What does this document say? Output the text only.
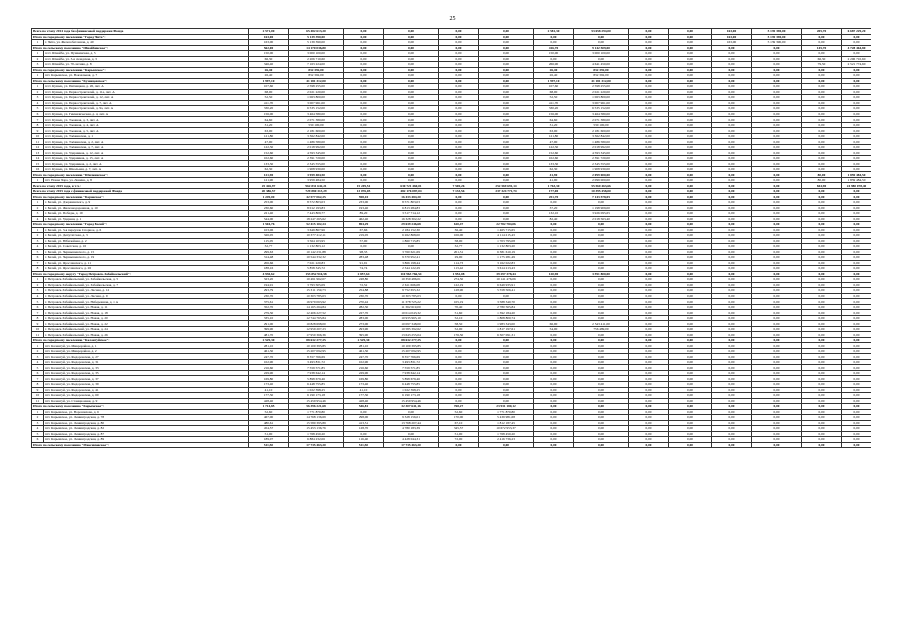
25
Всего по этапу 2014 года без финансовой поддержки Фонда		2 571,00	65 482 613,20	0,00	0,00	0,00	0,00	2 581,30	53 658 294,00	0,00	0,00	163,00	5 139 390,00	205,70	6 687 229,20
Итого по городскому поселению "Город Чита":		163,00	5 139 390,00	0,00	0,00	0,00	0,00	0,00	0,00	0,00	0,00	163,00	5 139 390,00	0,00	0,00
1	г. Чита, ул. Железобетонная, д. 40	163,00	5 139 390,00	0,00	0,00	0,00	0,00	0,00	0,00	0,00	0,00	163,00	5 139 390,00	0,00	0,00
Итого по сельскому поселению "Шнайбинское":		562,00	14 170 036,80	0,00	0,00	0,00	0,00	416,70	9 142 509,00	0,00	0,00	0,00	0,00	145,70	4 728 464,80
1	п/ст. Шнайба, ул. Пушкинская, д. 5	150,00	3 000 100,00	0,00	0,00	0,00	0,00	150,00	3 000 100,00	0,00	0,00	0,00	0,00	0,00	0,00
2	п/ст. Шнайба, ул. 3-я складская, д. 3	66,30	2 206 710,60	0,00	0,00	0,00	0,00	0,00	0,00	0,00	0,00	0,00	0,00	66,30	2 206 710,60
3	п/ст. Шнайба, ул. 70-летняя, д. 8	346,40	7 163 224,00	0,00	0,00	0,00	0,00	266,90	4 641 450,00	0,00	0,00	0,00	0,00	79,50	2 521 774,60
Итого по городскому поселению "Карымское":		26,40	832 392,00	0,00	0,00	0,00	0,00	26,40	832 392,00	0,00	0,00	0,00	0,00	0,00	0,00
1	пгт. Карымское, ул. Вокзальная, д. 7	26,40	832 392,00	0,00	0,00	0,00	0,00	26,40	832 392,00	0,00	0,00	0,00	0,00	0,00	0,00
Итого по сельскому поселению "Кузнецовское":		1 997,10	41 181 312,00	0,00	0,00	0,00	0,00	1 997,10	41 181 312,00	0,00	0,00	0,00	0,00	0,00	0,00
1	п/ст. Кузнец, ул. Пятницкая, д. 26, лит. А	107,60	2 598 255,00	0,00	0,00	0,00	0,00	107,60	2 598 255,00	0,00	0,00	0,00	0,00	0,00	0,00
2	п/ст. Кузнец, ул. Первостроителей, д. 11а, лит. А	68,00	2 021 220,00	0,00	0,00	0,00	0,00	68,00	2 021 220,00	0,00	0,00	0,00	0,00	0,00	0,00
3	п/ст. Кузнец, ул. Первостроителей, д. 12, лит. А	52,50	1 063 800,00	0,00	0,00	0,00	0,00	52,50	1 063 800,00	0,00	0,00	0,00	0,00	0,00	0,00
4	п/ст. Кузнец, ул. Первостроителей, д. 7, лит. А	411,70	3 007 961,00	0,00	0,00	0,00	0,00	411,70	3 007 961,00	0,00	0,00	0,00	0,00	0,00	0,00
5	п/ст. Кузнец, ул. Первостроителей, д. 9а, лит. А	330,20	6 535 152,00	0,00	0,00	0,00	0,00	330,20	6 535 152,00	0,00	0,00	0,00	0,00	0,00	0,00
6	п/ст. Кузнец, ул. Гимназическая, д. 4, лит. А	156,00	3 464 580,00	0,00	0,00	0,00	0,00	156,00	3 464 580,00	0,00	0,00	0,00	0,00	0,00	0,00
7	п/ст. Кузнец, ул. Таежная, д. 3, лит. А	64,60	2 071 380,00	0,00	0,00	0,00	0,00	64,60	2 071 380,00	0,00	0,00	0,00	0,00	0,00	0,00
8	п/ст. Кузнец, ул. Таежная, д. 4, лит. А	31,20	530 100,00	0,00	0,00	0,00	0,00	31,20	530 100,00	0,00	0,00	0,00	0,00	0,00	0,00
9	п/ст. Кузнец, ул. Таежная, д. 5, лит. А	63,00	2 181 600,00	0,00	0,00	0,00	0,00	63,00	2 181 600,00	0,00	0,00	0,00	0,00	0,00	0,00
10	п/ст. Кузнец, ул. Таёжинская, д. 1	121,80	3 362 842,00	0,00	0,00	0,00	0,00	121,80	3 362 842,00	0,00	0,00	0,00	0,00	0,00	0,00
11	п/ст. Кузнец, ул. Таёжинская, д. 2, лит. А	47,90	1 486 580,00	0,00	0,00	0,00	0,00	47,90	1 486 580,00	0,00	0,00	0,00	0,00	0,00	0,00
12	п/ст. Кузнец, ул. Таёжинская, д. 7, лит. А	122,30	2 018 992,00	0,00	0,00	0,00	0,00	122,30	2 018 992,00	0,00	0,00	0,00	0,00	0,00	0,00
13	п/ст. Кузнец, ул. Ударников, д. 12, лит. А	152,60	4 593 345,00	0,00	0,00	0,00	0,00	152,60	4 593 345,00	0,00	0,00	0,00	0,00	0,00	0,00
14	п/ст. Кузнец, ул. Ударников, д. 15, лит. А	102,60	2 391 720,00	0,00	0,00	0,00	0,00	102,60	2 391 720,00	0,00	0,00	0,00	0,00	0,00	0,00
15	п/ст. Кузнец, ул. Ударников, д. 2, лит. А	133,30	2 345 555,00	0,00	0,00	0,00	0,00	133,30	2 345 555,00	0,00	0,00	0,00	0,00	0,00	0,00
16	п/ст. Кузнец, ул. Школьная, д. 7, лит. А	62,30	1 908 930,00	0,00	0,00	0,00	0,00	62,30	1 908 930,00	0,00	0,00	0,00	0,00	0,00	0,00
Итого по городскому поселению "Шилкинское":		121,90	3 959 484,50	0,00	0,00	0,00	0,00	41,90	2 099 000,00	0,00	0,00	0,00	0,00	80,00	1 859 484,50
1	пгт. Новая Чара, ул. Ленина, д. 8	121,90	3 959 484,50	0,00	0,00	0,00	0,00	41,90	2 099 000,00	0,00	0,00	0,00	0,00	80,00	1 859 484,50
Всего по этапу 2015 года, в т.ч.:		25 426,97	962 831 642,21	15 249,51	630 721 460,01	7 569,26	252 569 691,14	1 763,30	55 560 463,66	0,00	0,00	0,00	0,00	844,90	24 980 078,40
Всего по этапу 2015 года с финансовой поддержкой Фонда		20 386,57	729 880 313,29	13 076,05	482 176 087,04	7 133,56	237 324 771,74	177,00	10 395 458,00	0,00	0,00	0,00	0,00	0,00	0,00
Итого по городскому поселению "Баранское":		1 249,00	42 577 062,25	598,10	16 433 484,20	0,00	0,00	251,70	7 143 578,05	0,00	0,00	0,00	0,00	0,00	0,00
1	г. Балей, ул. Дзержинского, д. 9	253,00	8 572 803,03	233,00	8 571 803,03	0,00	0,00	0,00	0,00	0,00	0,00	0,00	0,00	0,00	0,00
2	г. Балей, ул. Железнодорожная, д. 10	230,60	8 012 193,83	193,40	6 813 284,83	0,00	0,00	37,20	1 198 909,00	0,00	0,00	0,00	0,00	0,00	0,00
3	г. Балей, ул. Победы, д. 19	221,40	7 443 809,77	89,20	3 517 714,12	0,00	0,00	132,10	3 926 095,65	0,00	0,00	0,00	0,00	0,00	0,00
4	г. Балей, ул. Ударная, д. 1	544,00	18 247 265,62	462,40	16 328 302,22	0,00	0,00	82,40	2 018 563,40	0,00	0,00	0,00	0,00	0,00	0,00
Итого по городскому поселению "Город Балей":		1 504,76	52 415 102,24	894,29	29 639 246,68	610,47	22 782 784,06	0,00	0,00	0,00	0,00	0,00	0,00	0,00	0,00
1	г. Балей, ул. 3-я переулок Спорное, д. 6	103,06	3 649 867,96	67,66	2 184 152,30	36,40	1 465 715,65	0,00	0,00	0,00	0,00	0,00	0,00	0,00	0,00
2	г. Балей, ул. Депутатская, д. 3	326,05	10 377 212,11	219,05	6 262 868,00	106,00	4 114 215,43	0,00	0,00	0,00	0,00	0,00	0,00	0,00	0,00
3	г. Балей, ул. Юбилейная, д. 2	115,05	3 564 103,95	57,00	1 860 715,85	58,00	1 703 795,08	0,00	0,00	0,00	0,00	0,00	0,00	0,00	0,00
4	г. Балей, ул. Советская, д. 16	32,77	1 132 803,12	0,00	0,00	32,77	1 132 803,20	0,00	0,00	0,00	0,00	0,00	0,00	0,00	0,00
5	г. Балей, ул. Чернышевского, д. 15	299,63	10 142 231,88	98,33	3 760 621,69	201,31	6 381 610,19	0,00	0,00	0,00	0,00	0,00	0,00	0,00	0,00
6	г. Балей, ул. Чернышевского, д. 19	314,48	10 544 332,32	283,48	9 370 952,41	29,00	1 175 281,49	0,00	0,00	0,00	0,00	0,00	0,00	0,00	0,00
7	г. Балей, ул. Ярославского, д. 11	206,66	7 021 220,83	91,91	3 866 198,44	114,73	3 162 022,83	0,00	0,00	0,00	0,00	0,00	0,00	0,00	0,00
8	г. Балей, ул. Ярославского, д. 26	188,16	5 858 345,72	74,74	2 344 122,29	113,42	3 614 213,43	0,00	0,00	0,00	0,00	0,00	0,00	0,00	0,00
Итого по городскому округу "Город Петровск-Забайкальский":		4 930,62	153 852 916,58	2 857,64	110 963 766,54	1 952,08	39 297 378,44	120,90	3 591 800,00	0,00	0,00	0,00	0,00	0,00	0,00
1	г. Петровск-Забайкальский, ул. Забайкальская, д. 5	323,20	10 491 962,07	248,80	10 350 486,01	274,50	10 141 476,06	0,00	0,00	0,00	0,00	0,00	0,00	0,00	0,00
2	г. Петровск-Забайкальский, ул. Забайкальская, д. 7	194,91	3 793 505,09	72,52	2 611 666,08	122,19	6 649 935,91	0,00	0,00	0,00	0,00	0,00	0,00	0,00	0,00
3	г. Петровск-Забайкальский, ул. Лесная, д. 12	293,79	15 311 159,73	254,88	9 752 655,32	128,90	5 558 506,41	0,00	0,00	0,00	0,00	0,00	0,00	0,00	0,00
4	г. Петровск-Забайкальский, ул. Лесная, д. 9	230,70	10 303 785,03	230,70	10 303 785,03	0,00	0,00	0,00	0,00	0,00	0,00	0,00	0,00	0,00	0,00
5	г. Петровск-Забайкальский, ул. Набережная, д. 1 А	375,61	16 979 063,92	270,42	11 378 723,22	105,19	3 588 340,70	0,00	0,00	0,00	0,00	0,00	0,00	0,00	0,00
6	г. Петровск-Забайкальский, ул. Новая, д. 11	352,70	14 165 264,84	282,30	11 362 619,00	70,40	2 780 565,84	0,00	0,00	0,00	0,00	0,00	0,00	0,00	0,00
7	г. Петровск-Забайкальский, ул. Новая, д. 18	279,30	12 406 227,52	227,70	10 014 043,32	51,60	1 392 184,20	0,00	0,00	0,00	0,00	0,00	0,00	0,00	0,00
8	г. Петровск-Забайкальский, ул. Новая, д. 20	335,10	12 744 765,84	283,00	10 935 965,10	52,10	1 808 800,74	0,00	0,00	0,00	0,00	0,00	0,00	0,00	0,00
9	г. Петровск-Забайкальский, ул. Новая, д. 22	291,00	10 828 698,00	273,00	10 097 348,00	58,50	1 983 343,00	66,90	2 543 411,00	0,00	0,00	0,00	0,00	0,00	0,00
10	г. Петровск-Забайкальский, ул. Новая, д. 24	399,90	12 959 207,23	293,90	10 585 392,62	52,00	1 817 197,61	54,00	756 489,00	0,00	0,00	0,00	0,00	0,00	0,00
11	г. Петровск-Забайкальский, ул. Новая, д. 26	481,70	17 950 366,36	395,90	13 643 255,04	176,50	6 307 091,31	0,00	0,00	0,00	0,00	0,00	0,00	0,00	0,00
Итого по городскому поселению "Калангуйское":		2 529,30	88 632 277,25	2 529,30	88 632 277,25	0,00	0,00	0,00	0,00	0,00	0,00	0,00	0,00	0,00	0,00
1	пгт. Калангуй, ул. Микрорайон, д. 1	281,10	10 100 395,85	281,10	10 100 395,85	0,00	0,00	0,00	0,00	0,00	0,00	0,00	0,00	0,00	0,00
2	пгт. Калангуй, ул. Микрорайон, д. 2	461,30	15 207 092,95	461,30	15 207 092,95	0,00	0,00	0,00	0,00	0,00	0,00	0,00	0,00	0,00	0,00
3	пгт. Калангуй, ул. Федоровская, д. 27	247,70	8 357 766,69	247,70	8 357 766,69	0,00	0,00	0,00	0,00	0,00	0,00	0,00	0,00	0,00	0,00
4	пгт. Калангуй, ул. Федоровская, д. 31	102,90	3 493 831,72	102,90	3 493 831,72	0,00	0,00	0,00	0,00	0,00	0,00	0,00	0,00	0,00	0,00
5	пгт. Калангуй, ул. Федоровская, д. 33	216,60	7 559 571,85	216,60	7 559 571,85	0,00	0,00	0,00	0,00	0,00	0,00	0,00	0,00	0,00	0,00
6	пгт. Калангуй, ул. Федоровская, д. 35	229,90	7 938 642,14	229,90	7 938 642,14	0,00	0,00	0,00	0,00	0,00	0,00	0,00	0,00	0,00	0,00
7	пгт. Калангуй, ул. Федоровская, д. 37	169,80	5 898 679,46	169,80	5 898 679,46	0,00	0,00	0,00	0,00	0,00	0,00	0,00	0,00	0,00	0,00
8	пгт. Калангуй, ул. Федоровская, д. 39	173,40	6 448 755,85	173,40	6 448 755,85	0,00	0,00	0,00	0,00	0,00	0,00	0,00	0,00	0,00	0,00
9	пгт. Калангуй, ул. Федоровская, д. 41	41,10	1 022 398,25	41,10	1 022 398,25	0,00	0,00	0,00	0,00	0,00	0,00	0,00	0,00	0,00	0,00
10	пгт. Калангуй, ул. Федоровская, д. 60	177,30	6 190 173,18	177,30	6 190 173,18	0,00	0,00	0,00	0,00	0,00	0,00	0,00	0,00	0,00	0,00
11	пгт. Калангуй, ул. Станционная, д. 9	428,40	15 459 954,46	428,40	15 459 954,46	0,00	0,00	0,00	0,00	0,00	0,00	0,00	0,00	0,00	0,00
Итого по сельскому поселению "Карымское":		1 714,85	56 396 221,68	546,81	32 307 641,16	768,27	23 931 180,12	0,00	0,00	0,00	0,00	0,00	0,00	0,00	0,00
1	пгт. Карымское, ул. Ворошилова, д. 6	52,60	1 771 870,80	0,00	0,00	52,60	1 771 870,80	0,00	0,00	0,00	0,00	0,00	0,00	0,00	0,00
2	пгт. Карымское, ул. Ленинградская, д. 78	467,00	14 768 136,69	298,00	9 328 156,01	170,00	5 439 981,68	0,00	0,00	0,00	0,00	0,00	0,00	0,00	0,00
3	пгт. Карымское, ул. Ленинградская, д. 80	480,61	15 580 395,89	413,51	13 768 207,44	67,10	1 812 187,45	0,00	0,00	0,00	0,00	0,00	0,00	0,00	0,00
4	пгт. Карымское, ул. Ленинградская, д. 82	454,57	15 453 136,76	128,70	4 780 183,39	345,57	10 672 953,37	0,00	0,00	0,00	0,00	0,00	0,00	0,00	0,00
5	пгт. Карымское, ул. Ленинградская, д. 87	51,00	1 768 450,20	0,00	0,00	51,00	1 768 450,20	0,00	0,00	0,00	0,00	0,00	0,00	0,00	0,00
6	пгт. Карымское, ул. Ленинградская, д. 89	189,07	6 884 232,06	116,40	4 428 044,31	72,00	2 416 736,23	0,00	0,00	0,00	0,00	0,00	0,00	0,00	0,00
Итого по сельскому поселению "Максимовское":		511,50	17 735 463,20	511,50	17 735 463,20	0,00	0,00	0,00	0,00	0,00	0,00	0,00	0,00	0,00	0,00
